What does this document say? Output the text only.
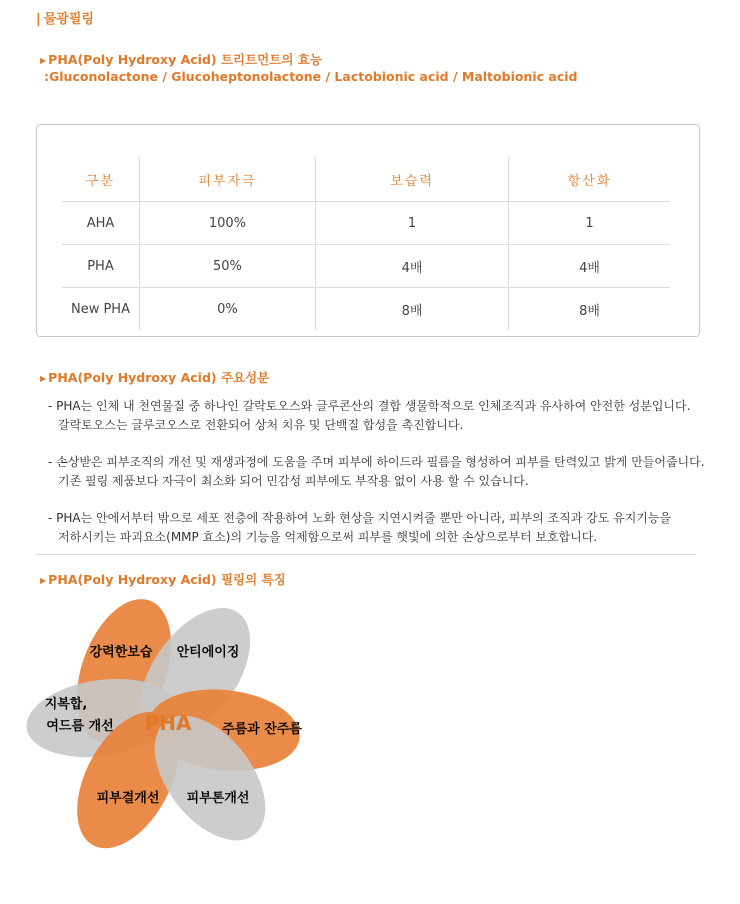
| 물광필링
▶ PHA(Poly Hydroxy Acid) 트리트먼트의 효능
:Gluconolactone / Glucoheptonolactone / Lactobionic acid / Maltobionic acid
구분	피부자극	보습력	항산화
AHA	100%	1	1
PHA	50%	4배	4배
New PHA	0%	8배	8배
▶ PHA(Poly Hydroxy Acid) 주요성분
- PHA는 인체 내 천연물질 중 하나인 갈락토오스와 글루콘산의 결합 생물학적으로 인체조직과 유사하여 안전한 성분입니다.
갈락토오스는 글루코오스로 전환되어 상처 치유 및 단백질 합성을 촉진합니다.
- 손상받은 피부조직의 개선 및 재생과정에 도움을 주며 피부에 하이드라 필름을 형성하여 피부를 탄력있고 밝게 만들어줍니다.
기존 필링 제품보다 자극이 최소화 되어 민감성 피부에도 부작용 없이 사용 할 수 있습니다.
- PHA는 안에서부터 밖으로 세포 전층에 작용하여 노화 현상을 지연시켜줄 뿐만 아니라, 피부의 조직과 강도 유지기능을
저하시키는 파괴요소(MMP 효소)의 기능을 억제함으로써 피부를 햇빛에 의한 손상으로부터 보호합니다.
▶ PHA(Poly Hydroxy Acid) 필링의 특징
강력한보습 안티에이징
지복합,
여드름 개선	주름과 잔주름
피부결개선 피부톤개선
PHA
